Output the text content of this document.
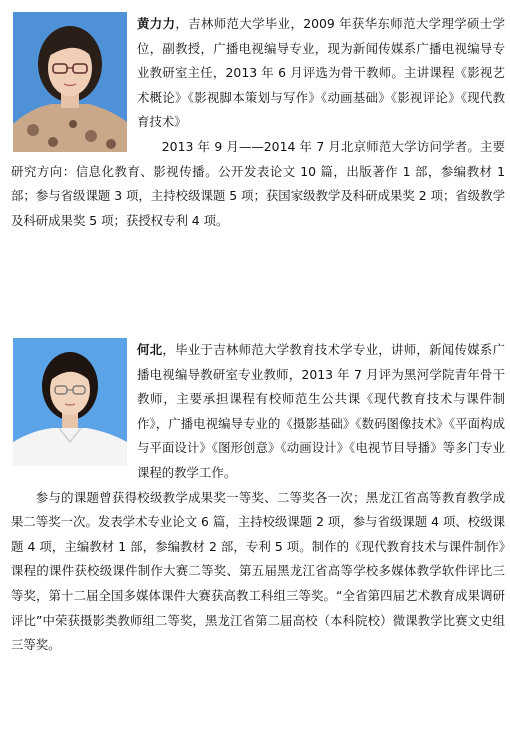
黄力力，吉林师范大学毕业，2009 年获华东师范大学理学硕士学位，副教授，广播电视编导专业，现为新闻传媒系广播电视编导专业教研室主任，2013 年 6 月评选为骨干教师。主讲课程《影视艺术概论》《影视脚本策划与写作》《动画基础》《影视评论》《现代教育技术》
2013 年 9 月——2014 年 7 月北京师范大学访问学者。主要研究方向：信息化教育、影视传播。公开发表论文 10 篇，出版著作 1 部，参编教材 1 部；参与省级课题 3 项，主持校级课题 5 项；获国家级教学及科研成果奖 2 项；省级教学及科研成果奖 5 项；获授权专利 4 项。
何北，毕业于吉林师范大学教育技术学专业，讲师，新闻传媒系广播电视编导教研室专业教师，2013 年 7 月评为黑河学院青年骨干教师，主要承担课程有校师范生公共课《现代教育技术与课件制作》，广播电视编导专业的《摄影基础》《数码图像技术》《平面构成与平面设计》《图形创意》《动画设计》《电视节目导播》等多门专业课程的教学工作。
参与的课题曾获得校级教学成果奖一等奖、二等奖各一次；黑龙江省高等教育教学成果二等奖一次。发表学术专业论文 6 篇，主持校级课题 2 项，参与省级课题 4 项、校级课题 4 项，主编教材 1 部，参编教材 2 部，专利 5 项。制作的《现代教育技术与课件制作》课程的课件获校级课件制作大赛二等奖、第五届黑龙江省高等学校多媒体教学软件评比三等奖，第十二届全国多媒体课件大赛获高教工科组三等奖。“全省第四届艺术教育成果调研评比”中荣获摄影类教师组二等奖，黑龙江省第二届高校（本科院校）微课教学比赛文史组三等奖。
